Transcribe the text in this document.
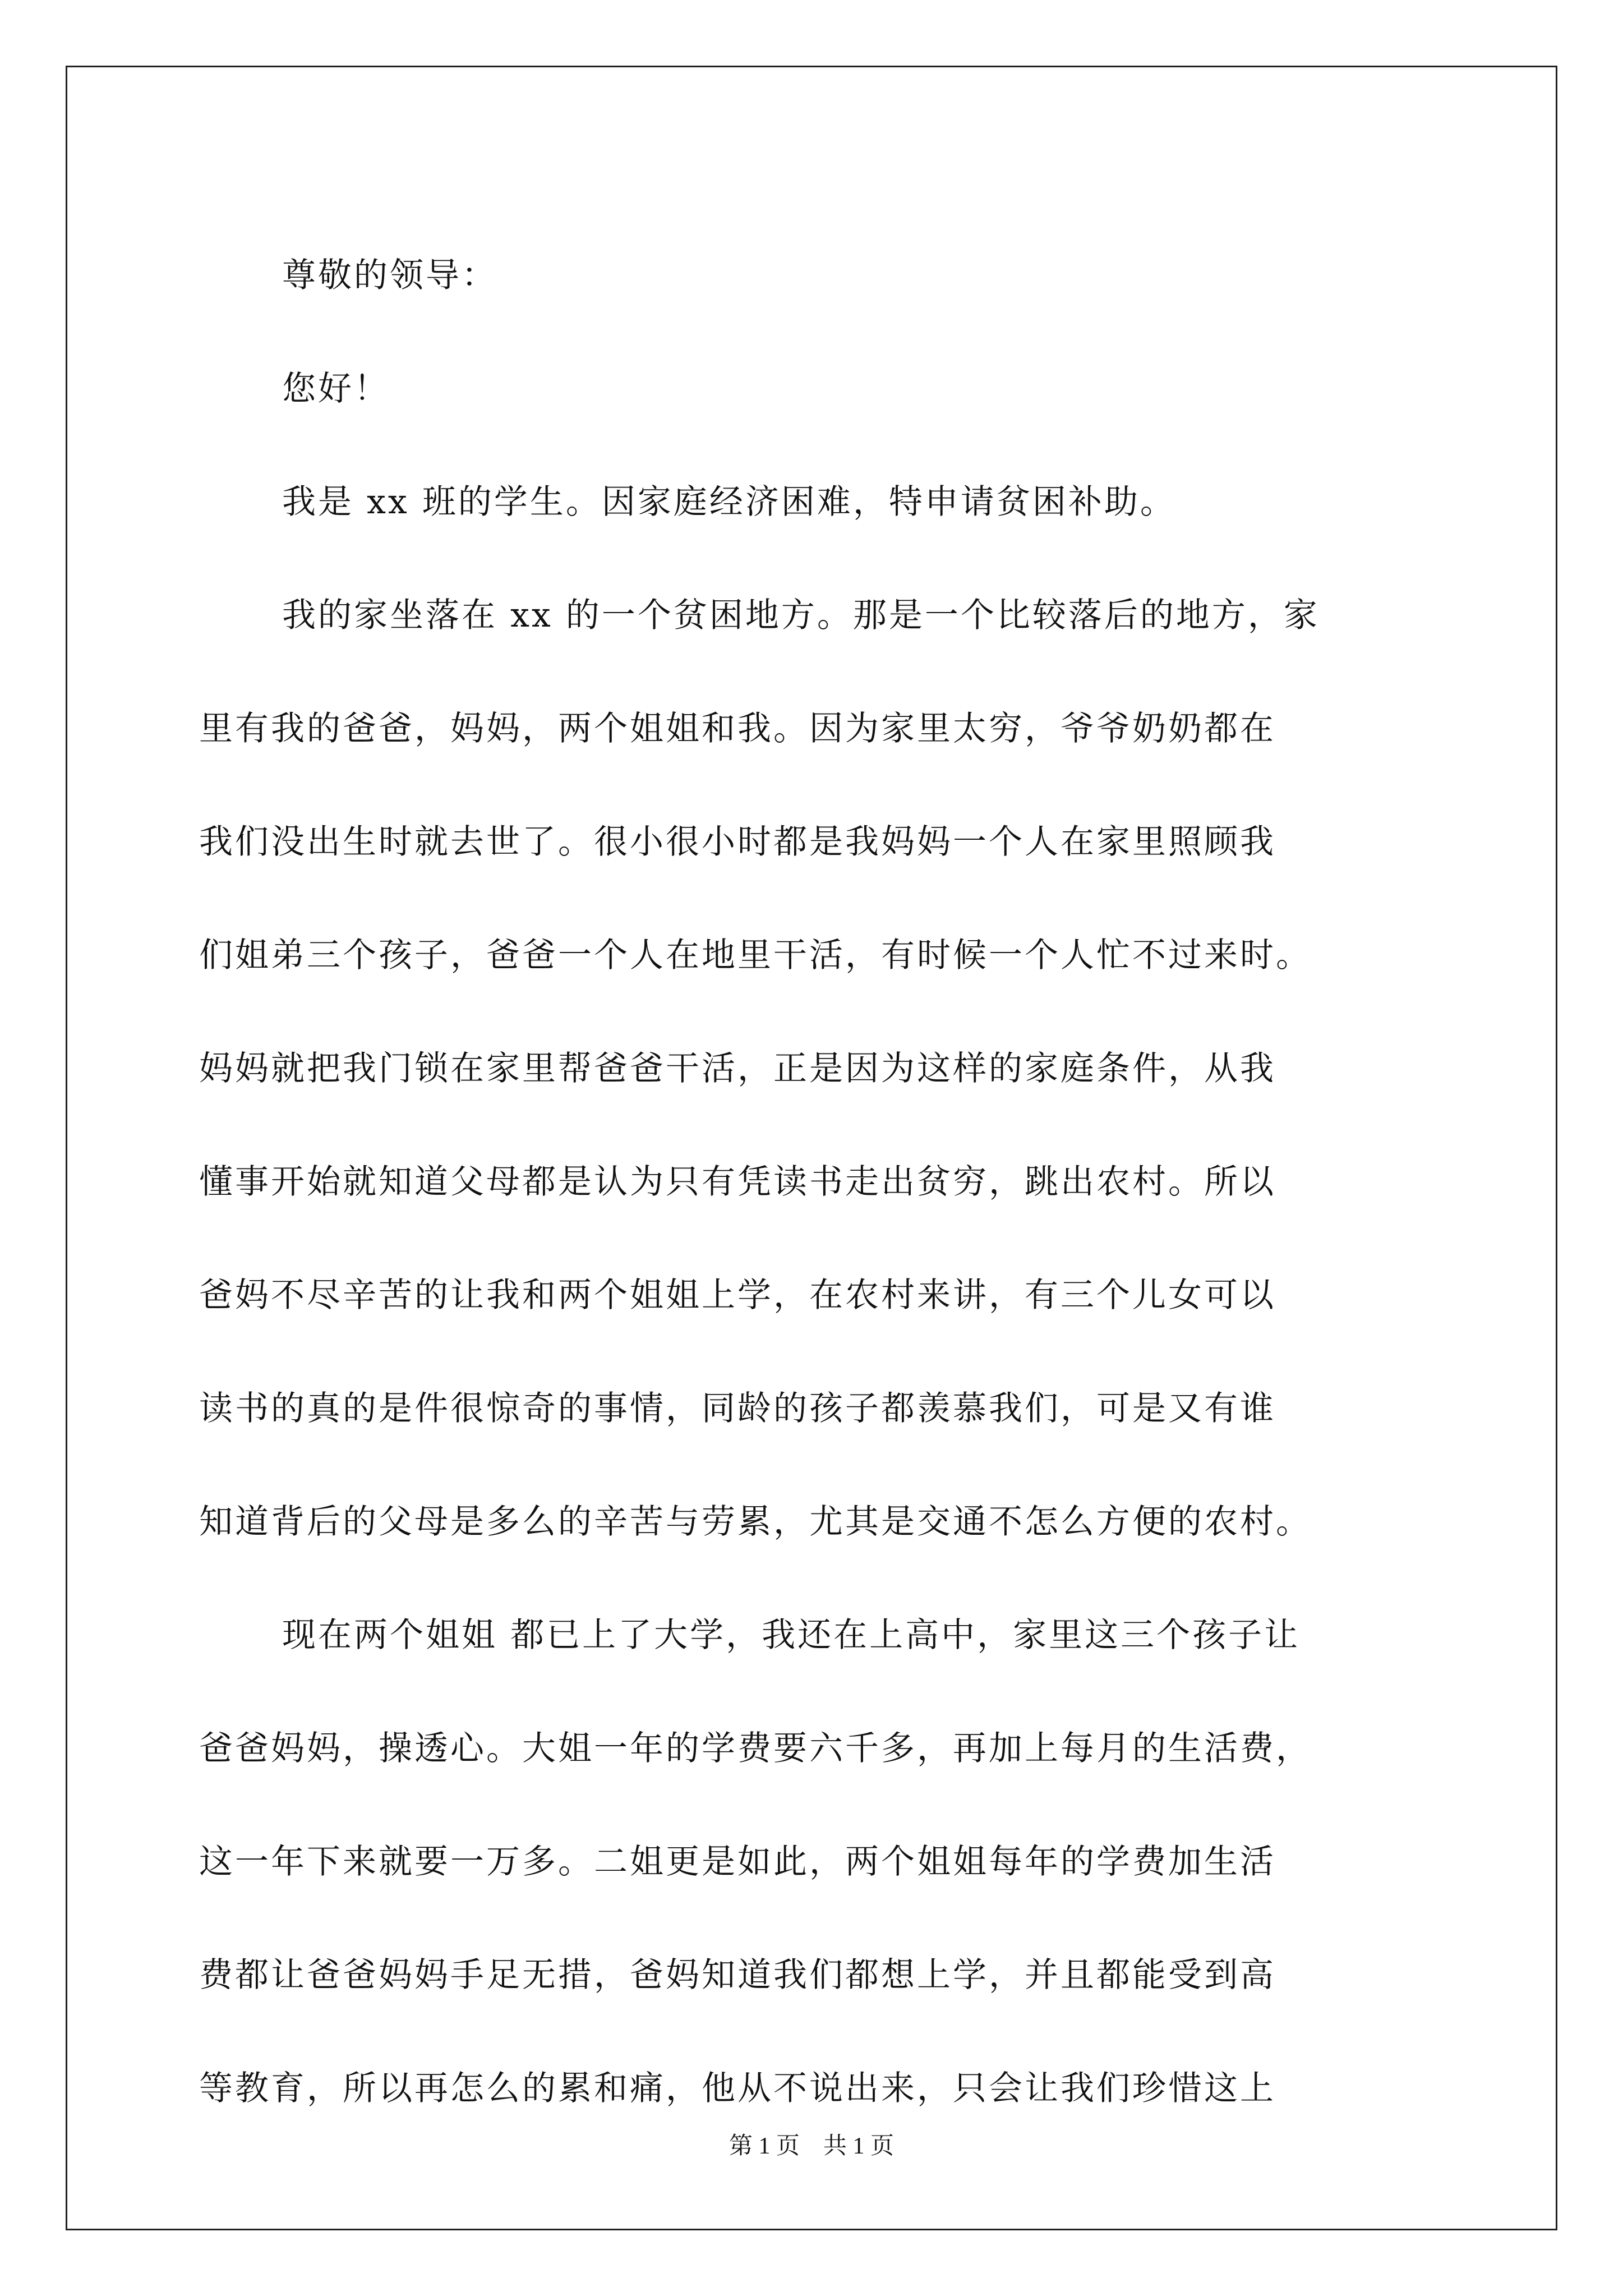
尊敬的领导：

您好！

我是 xx 班的学生。因家庭经济困难，特申请贫困补助。

我的家坐落在 xx 的一个贫困地方。那是一个比较落后的地方，家

里有我的爸爸，妈妈，两个姐姐和我。因为家里太穷，爷爷奶奶都在

我们没出生时就去世了。很小很小时都是我妈妈一个人在家里照顾我

们姐弟三个孩子，爸爸一个人在地里干活，有时候一个人忙不过来时。

妈妈就把我门锁在家里帮爸爸干活，正是因为这样的家庭条件，从我

懂事开始就知道父母都是认为只有凭读书走出贫穷，跳出农村。所以

爸妈不尽辛苦的让我和两个姐姐上学，在农村来讲，有三个儿女可以

读书的真的是件很惊奇的事情，同龄的孩子都羡慕我们，可是又有谁

知道背后的父母是多么的辛苦与劳累，尤其是交通不怎么方便的农村。

现在两个姐姐 都已上了大学，我还在上高中，家里这三个孩子让

爸爸妈妈，操透心。大姐一年的学费要六千多，再加上每月的生活费，

这一年下来就要一万多。二姐更是如此，两个姐姐每年的学费加生活

费都让爸爸妈妈手足无措，爸妈知道我们都想上学，并且都能受到高

等教育，所以再怎么的累和痛，他从不说出来，只会让我们珍惜这上

第 1 页　共 1 页
